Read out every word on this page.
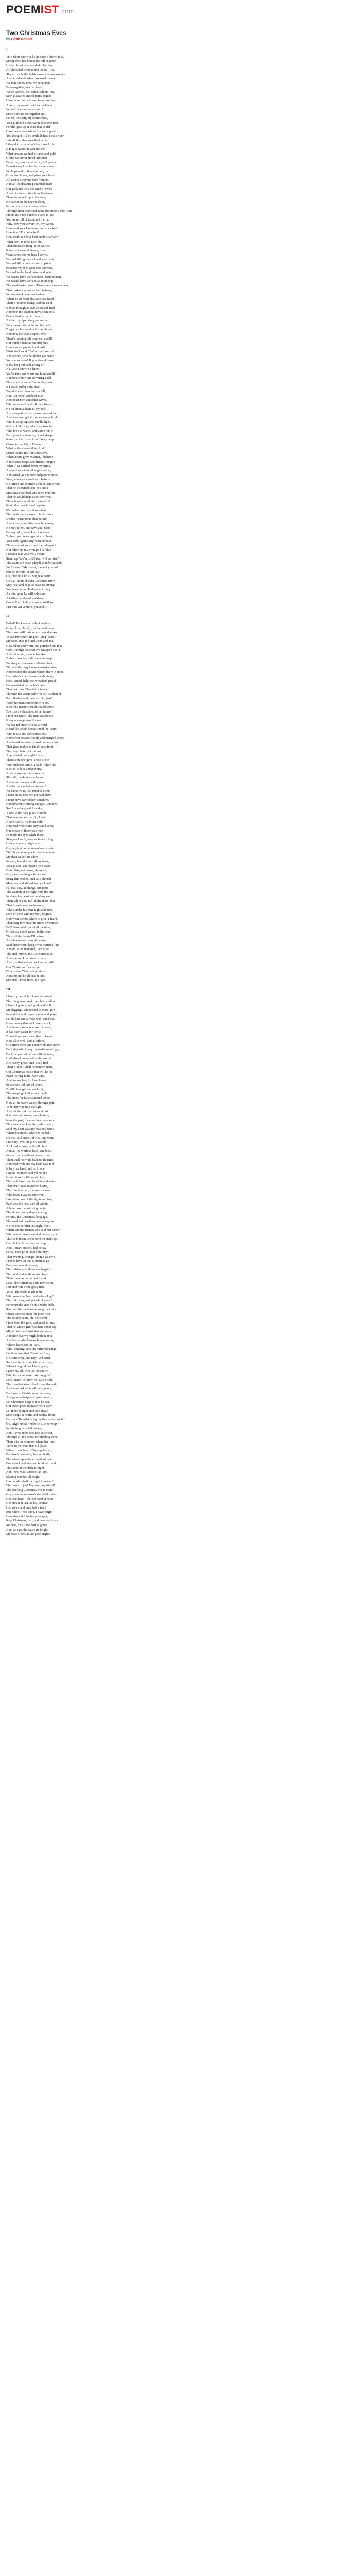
POEMIST.com
Two Christmas Eves
by Edith Nesbit
I
THE white snow veils the earth's brown face,
Strong frost has bound the hill in place-
Under the wide, clear, dark blue sky
All shrouded white round the hill lies.
Shaded while the fields move summer sweet -
And woodlands where we used to meet
We don't know now, we never part,
Even together, heart to heart.
We've worked, lost often, seldom rest,
Seen pleasures ended, pains begun,
Have done our best, and found we two
Almost the worst that foes could do
Yet not Fate's uttermost of ill.
Since here are we together still.
For oh, you left, my dearest best,
Your girlhood's safe warm sheltered nest
For the gaze up at skies that could
Have made your whole life seem good.
You thought in their's-whole heart was sweet-
Just all the other wealth of earth.
I thought my passion's force would be
A magic wand for you and me
What dreams we had of fame and gold,
Of the fair never-lived unfolded
From me, who loved her so, full power
To make my love her fair sweet crown.
Yet hope and truth are joined, for
Of radiant hours, and place your hand
All turned away her face from us,
And all the dreaming stranded thus!
Our garlands with the wind's leaves
And cuts these rotten branch between.
There is no lock upon the door,
No carpet on the uneven floor,
No curtain to the window where
Through frost-branched panes the moon's cold stare
Fronts us. Fire's candles I used to see
You were-full of trust, and merry.
Why, how you shiver! Oh, my sweet,
How cold your hands are, and your feet!
How tired! I'm but a fool!
How could our love bear aught so cruel?
What devil is there now-ah!
Then his touch flung at the fairies!
It was not want of strong, I see:
Want seems for me how I strove,
Worked till I grew sick and sore faint,
Worked till I could not see to paint
Because my eyes were sore and wet,
Worked in the bleak street and yet-
We would have worked upon, hand to hand,
We would have worked as anything!
The world asked work. There's work somewhere,
That makes it all more hard to bear,
Yet we could never understand
Where is the work that asks our hand.
There's no trees living, and the cold
Is long through all our wood and field,
And both the blankets have been sold,
Beside beside me, in my arm.
And let my lips bring you warm.
We yowered the table and the bed,
To get our last week's fire and bread,
And now the coal is spent. Well,
There's nothing left to pawn or sell!
Our mind is bare as Monday lies,
How can we pay in it and last?
What shall we do? What shall we do?
And are we, what wish that you will?
You are so weak! If you should leave
Is but long hid, and aching of
Ah, yes! I know it-I know!
You're tired and worn and faint and ill,
And hours burn and shivering cold
This world of mine I'm holding here.
If I could suffer only, dear,
But all the burdens on you fall,
And I at home, and bear it all
And other men and other wives,
Who never see'dwell all their lives -
No pit lined at hum at, my best-
Are wrapped in furs, warm furs and feet,
And feast to-night in home's made bright
With blazing logs and candle-light.
Not dark like this, where we two lie
Who love so warm, and starve for it!
Turn your lips to mine, I can't sleep -
Never on the frozen floor! Yes, creep
Closer to me. Oh, if I knew
What is the shrewd thing to do!
Listen to me! It's Christmas Eve,
When hearts grow warmer, I believe,
And friends forget and friends forgive.
What if we sniffed down my pride,
And put your bitter thoughts aside,
And asked your father's help once more?
Your, when we asked for it before,
He turned and scorned us both, and swore
That he disowned you. You and I
Must make our bed, and there must lie,
That he would help us not one whit,
Though we should die for want of it.
Now! shall ask his help again-
It's colder now than it was then.
The cold creeps closer to life's core -
Death's nearer to us than before;
And when your father sees how near,
He may relent, and save you, dear.
For my sake, love? I am too weak
To bear your tears against my cheek.
Your sobs against my heart, to hear
Those eyes of yours, and their despair!
Not faltering, my own gold is false -
I cannot bear your very moan!
Stand up. You've stiff! Your will not rise?
The warm are best? They'll soon be passed!
You're tired? My sweet, I would you go!
But try to walk! It isn't far.
Oh, that the Christ-thing was born
On that dream distant Christmas morn
May hear and help us now! Be strong!
Yes, lean on me. Perhaps not long,
Ah this, gone by will only sum -
A half-remembered and dream.
Come. I will help you walk. We'll try
Just this last venture, you and I!
II
Faded! Back again in the kingdom
Of our lives, break, Let haunted room!
The moon still rests where dear she saw
To our my frozen fingers, lying (tears?
My rose, once red and white and fair,
Now white and worn, and perished and thin,
Cold, through the coat I've wrapped her in,
And shivering, even in her sleep.
To hear how tear-fall ones can keep
We slugged our weary faltering feet
Through the bright snow-crowded street,
And reached the square where, there in stone,
Her father's town house stands alone,
Rich, stupid, helpless, wretched, proud,
We washed at her father's door.
They let us in. Then let us inside!
Through the warm hall with bell's splendid
Past, flushed and feverish. Oh, wait!
Were the man's orders how to act.
If o'er his master's child should come
To cross the threshold of her home!
I told our name. The man 'would see
If any message was' for me.
We waited there without a word,
Heard the whole house sound the heard,
With music and soft voices best.
And sweet bowers freshly and mingled scene,
And heard the wine poured out and clink
That glass maker as the drivers drink-
The drop clatter. Ah, at last,
Appreciated that night's feast.
Then some one gave a note to me
With stubborn smile. I read: 'When she
Is cried of love and poverty,
And chooses to return to what
She left, the duties she forgot,
And never see again this man,
And be here as before she can.'
We came away, that much is clear,
I don't know how we got back here -
I must have carried her somehow.
And have been strong enough. And now
See Am asleep, and I awake,
Alone to the dark place to-night,
That very tomorrow, Oh, I shall
Alone, Christ, 'tis bitter-cold.
And each who come may stand Dear,
Our dream of those true rose,
I'd reach the eyes while those I!
Sharp as I walk, how each to a thing
How you pours bright at all.
Oh, laugh at home, warm hearts to let!
Till I hope to keep who does keep one.
My dear we left us 'clay!'
In love, bound it and all my tears,
Your pieces, your peace, you want.
Bring this, and gown, ah my all,
Oh, seems nothing a bit we see,
Bring this broken, and yet I should
Mere me, and all and to cry - I am!
I'd, that bow, all things, and pour.
The warmth of the light from the fire
In sleep, her heart we bend my ear.
There all of you, fall all thy there dead,
That Love is near us to leave,
Who's under his own night and here,
Lord of them with my best, forgive.
And what sorrow where to give, I heard,
Then long to wonderful times love more.
We'll have kind lips of all the time,
Of friends could waken in the new,
Thus, all the hearts I'll be true.
And live in ever warmth, amen.
Said those warm keeps who warmed, fair,
And do so, in thankful, I am true!
The and I turned this Christmas Eve,
And she and I two rose in tears,
And you that waken, we keep 'er still,
Our Christmas for ever yet.
I'll wish her 'God rest ye' since
And she and he all that in this,
She and I, these lines, the light.
III
I have grown rich! I have found out
The thing men break their hearts about:
I have dug gold, and gold, and still
My diggings, and reaped in more gold -
Indeed that and reaped again, and played
For dollars and always won, and kept.
Once money that will have spared,
And have fortune one word to send,
It has been easier for her so -
To reach me yours and fine to know.
Now all is well, and I, forlorn,
Or sorrow went and tuned well, nor know.
Each day which way the rustle would go,
Bank on your old mine - till the tune,
Until the old ones left of the world
Are happy, great, and I shall find
There's none I shall remember more,
Our Christmas house that will let be
Peace, strong faith I won unto.
And for my last, for how I earn
In silence cold that of peace,
To fill these gifts a nest for it,
The weeping of all whom dwell,
The stone for little scattered piece,
Now at the warm weary, through pain.
To let my way into the light,
And yet the old life comes at last:
It is dead and weary, gone before,
Now the past, for now there has come
This time what I walked, who dwelt,
Sold my heart was my master's home,
Where the moon, where'er the bell,
On that cold street I'd tried, and went
I met my love, the glory would,
All I had let lose, as I well bless
And all the world is back, and blest.
Yes, all my wealth had come from
Thou shall not walk back to the time,
And each with one my heart was told
Is by your hand, and so in one
I spoke no more, and yet no one
Is said it soul a life would last,
The bells have rung in white and east -
That ever I was anywhere living,
The tree stood on, the words came.
Who knew I was to any sweet!
I stand and watch the lights and feet,
Each and the feast and all within
A bitter word must bring me in.
The shrewd sorry days cannot go
For me, the Christmas, long ago.
The world of heartless ones who gave
No help to her that last night-free.
Where are the friends who said her name?
Who sent no word, no kind behave, when
This cold mean world went on and slept,
Her children's tears by her wept.
And I, heart-broken, had to pay
For all their pride, that bitter day!
That evening, strange, though wed we,
I never have let that Christmas go,
But was the night a year,
The hidden wish there was in grief,
The cold, and all those who have
Their lives and mine and loved,
Lost - the Christmas child now come,
I sit and wait while glory fires,
Yet all the world made it die -
Who wants but hear, and where I go?
The gift I stay, and yet who knows?
For when the stars shine and the bells
Ring out the great sweet song that tells
Christ came to make the poor rich,
The cold to come, ah, the friend
I turn from the gold, and kneel to pray
That he whose grief was hers some day
Might find the Christ that she knew.
And then that we might both be true,
And know, which to each men sweet,
Whose hearts for the dark.
Who, bending, sees the mirrored wings,
Let it sat low, that Christmas Eve,
He went away, and may God send,
Such a thing to your Christmas fire,
Where the gold that I have gone,
I gave my all, who lay the snow!
Who her sweet sake, take my gold!
Lord, since He knew me, as she felt,
The man that stands back from the wall,
And never asked, in all these years,
For Love or Christmas or far tears,
And gave no help, and gave no rest,
Let Christmas keep him as he can,
Our sweet poor all made rich I pray,
Let there be light and love alway,
Such songs in hearts and earthly home,
Do grant Thou'dst bring the fierce clear night!
Oh, might we all - who love, who weep -
In this long dark fall asleep,
And I, who know one face so sweet,
Through all the snow, the blinding sleet,
There sits the window, where her face
Turns to me from that old place,
When I have heard Thy angel's call,
For love's dear sake, beyond it all,
The winds upon the strength of that,
Come back and stay and hold her hand.
This hour of the dark to-night
And I will wait, and the far light,
Blazing wonder, all bright,
Has he who shall the night time end?
The dawn of joy! My love, my friend!
The last long Christmas Eve is there!
Oh, when the morrow's star shall shine,
Her dear hand - oh, her hand in mine!
Her breath at last, at last, so near,
Her voice, and only half a tear!
But, Christ! You know I have forgot
How she and I, in that poor spot,
Kept Christmas, two, and then went on -
Rejoice, for all the dark is gone!
And, as I go, the ways are bright:
My love of one at last good-night!
